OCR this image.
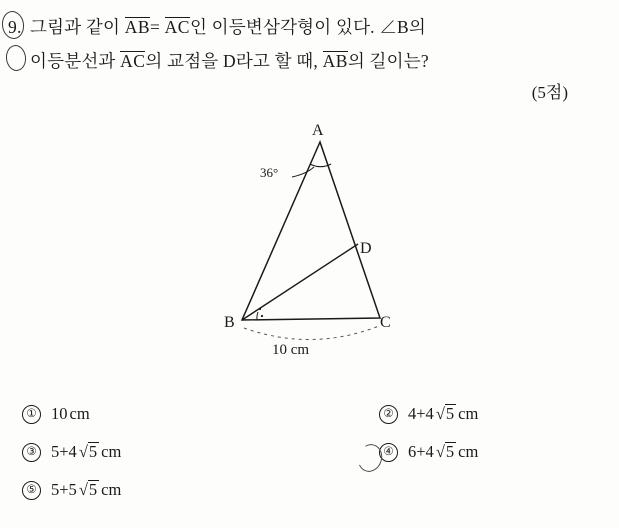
9. 그림과 같이 AB= AC인 이등변삼각형이 있다. ∠B의
이등분선과 AC의 교점을 D라고 할 때, AB의 길이는?
(5점)
A
B	C
D
36°
10 cm
① 10 cm	② 4+4 √5 cm
③ 5+4 √5 cm	④ 6+4 √5 cm
⑤ 5+5 √5 cm
